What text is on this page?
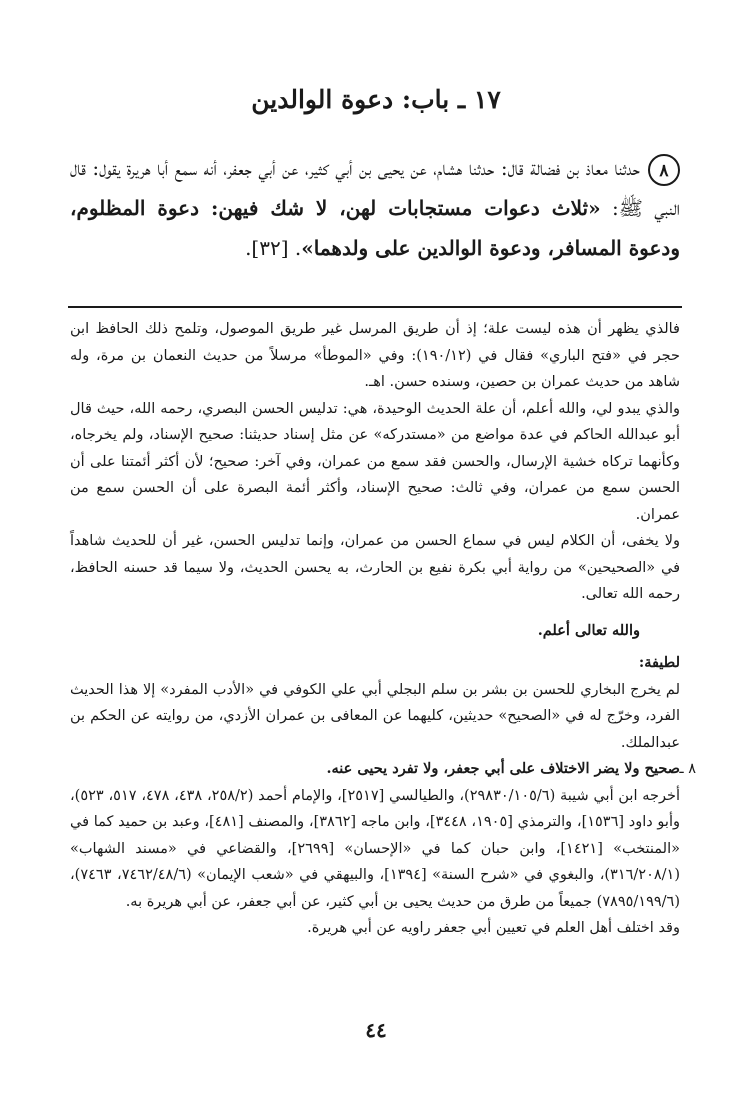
١٧ ـ باب: دعوة الوالدين
٨حدثنا معاذ بن فضالة قال: حدثنا هشام، عن يحيى بن أبي كثير، عن أبي جعفر، أنه سمع أبا هريرة يقول: قال النبي ﷺ: «ثلاث دعوات مستجابات لهن، لا شك فيهن: دعوة المظلوم، ودعوة المسافر، ودعوة الوالدين على ولدهما». [٣٢].

فالذي يظهر أن هذه ليست علة؛ إذ أن طريق المرسل غير طريق الموصول، وتلمح ذلك الحافظ ابن حجر في «فتح الباري» فقال في (١٩٠/١٢): وفي «الموطأ» مرسلاً من حديث النعمان بن مرة، وله شاهد من حديث عمران بن حصين، وسنده حسن. اهـ.

والذي يبدو لي، والله أعلم، أن علة الحديث الوحيدة، هي: تدليس الحسن البصري، رحمه الله، حيث قال أبو عبدالله الحاكم في عدة مواضع من «مستدركه» عن مثل إسناد حديثنا: صحيح الإسناد، ولم يخرجاه، وكأنهما تركاه خشية الإرسال، والحسن فقد سمع من عمران، وفي آخر: صحيح؛ لأن أكثر أئمتنا على أن الحسن سمع من عمران، وفي ثالث: صحيح الإسناد، وأكثر أئمة البصرة على أن الحسن سمع من عمران.

ولا يخفى، أن الكلام ليس في سماع الحسن من عمران، وإنما تدليس الحسن، غير أن للحديث شاهداً في «الصحيحين» من رواية أبي بكرة نفيع بن الحارث، به يحسن الحديث، ولا سيما قد حسنه الحافظ، رحمه الله تعالى.

والله تعالى أعلم.

لطيفة:

لم يخرج البخاري للحسن بن بشر بن سلم البجلي أبي علي الكوفي في «الأدب المفرد» إلا هذا الحديث الفرد، وخرّج له في «الصحيح» حديثين، كليهما عن المعافى بن عمران الأزدي، من روايته عن الحكم بن عبدالملك.

٨ ـ

صحيح ولا يضر الاختلاف على أبي جعفر، ولا تفرد يحيى عنه.

أخرجه ابن أبي شيبة (٢٩٨٣٠/١٠٥/٦)، والطيالسي [٢٥١٧]، والإمام أحمد (٢٥٨/٢، ٤٣٨، ٤٧٨، ٥١٧، ٥٢٣)، وأبو داود [١٥٣٦]، والترمذي [١٩٠٥، ٣٤٤٨]، وابن ماجه [٣٨٦٢]، والمصنف [٤٨١]، وعبد بن حميد كما في «المنتخب» [١٤٢١]، وابن حبان كما في «الإحسان» [٢٦٩٩]، والقضاعي في «مسند الشهاب» (٣١٦/٢٠٨/١)، والبغوي في «شرح السنة» [١٣٩٤]، والبيهقي في «شعب الإيمان» (٧٤٦٢/٤٨/٦، ٧٤٦٣)، (٧٨٩٥/١٩٩/٦) جميعاً من طرق من حديث يحيى بن أبي كثير، عن أبي جعفر، عن أبي هريرة به.

وقد اختلف أهل العلم في تعيين أبي جعفر راويه عن أبي هريرة.

٤٤
